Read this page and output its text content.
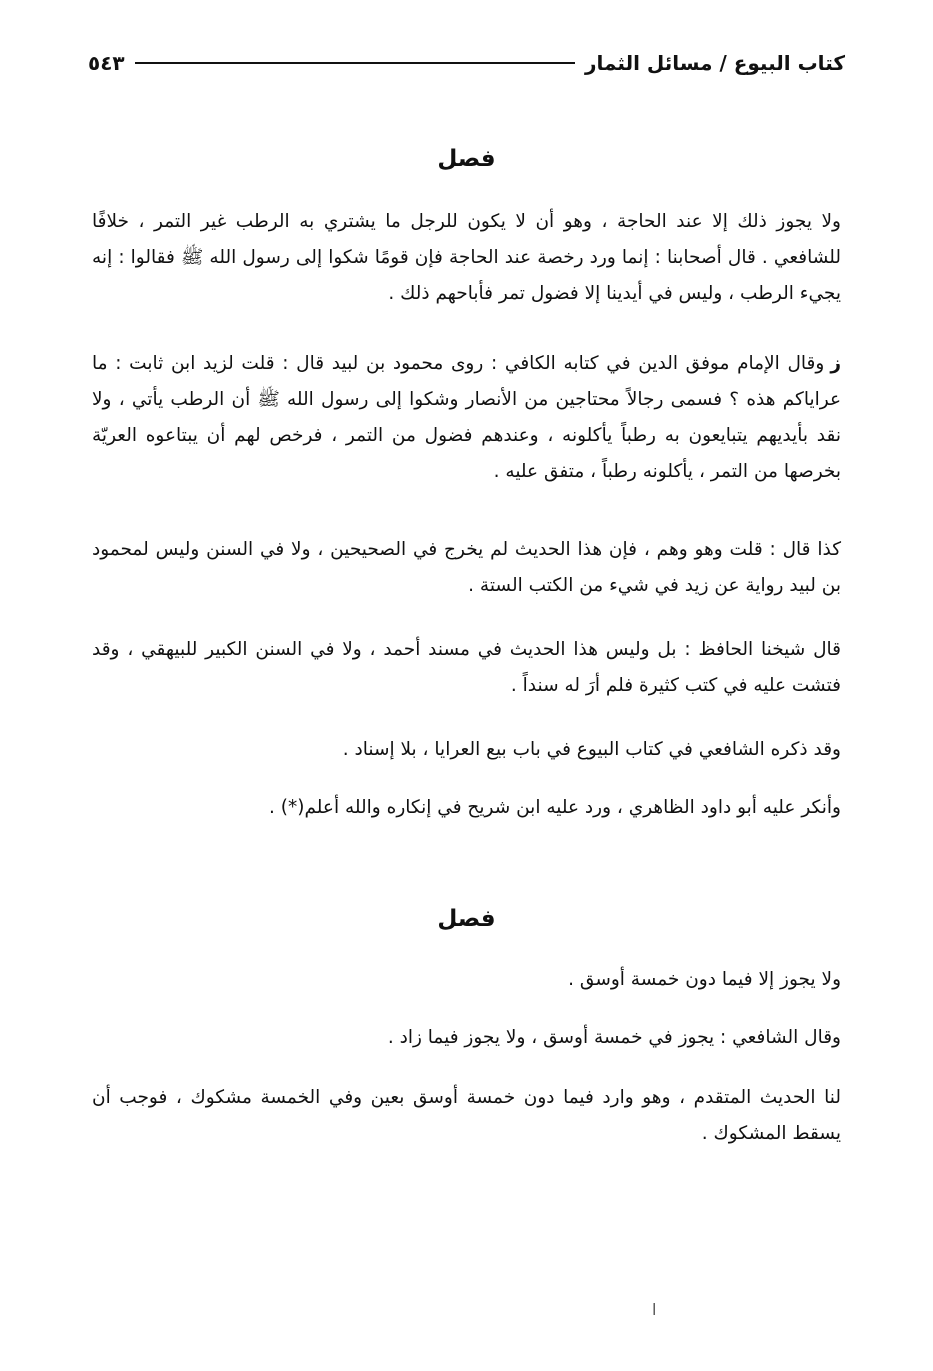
كتاب البيوع / مسائل الثمار
٥٤٣
فصل

ولا يجوز ذلك إلا عند الحاجة ، وهو أن لا يكون للرجل ما يشتري به الرطب غير التمر ، خلافًا للشافعي . قال أصحابنا : إنما ورد رخصة عند الحاجة فإن قومًا شكوا إلى رسول الله ﷺ فقالوا : إنه يجيء الرطب ، وليس في أيدينا إلا فضول تمر فأباحهم ذلك .

زوقال الإمام موفق الدين في كتابه الكافي : روى محمود بن لبيد قال : قلت لزيد ابن ثابت : ما عراياكم هذه ؟ فسمى رجالاً محتاجين من الأنصار وشكوا إلى رسول الله ﷺ أن الرطب يأتي ، ولا نقد بأيديهم يتبايعون به رطباً يأكلونه ، وعندهم فضول من التمر ، فرخص لهم أن يبتاعوه العريّة بخرصها من التمر ، يأكلونه رطباً ، متفق عليه .

كذا قال : قلت وهو وهم ، فإن هذا الحديث لم يخرج في الصحيحين ، ولا في السنن وليس لمحمود بن لبيد رواية عن زيد في شيء من الكتب الستة .

قال شيخنا الحافظ : بل وليس هذا الحديث في مسند أحمد ، ولا في السنن الكبير للبيهقي ، وقد فتشت عليه في كتب كثيرة فلم أرَ له سنداً .

وقد ذكره الشافعي في كتاب البيوع في باب بيع العرايا ، بلا إسناد .

وأنكر عليه أبو داود الظاهري ، ورد عليه ابن شريح في إنكاره والله أعلم(*) .

فصل

ولا يجوز إلا فيما دون خمسة أوسق .

وقال الشافعي : يجوز في خمسة أوسق ، ولا يجوز فيما زاد .

لنا الحديث المتقدم ، وهو وارد فيما دون خمسة أوسق بعين وفي الخمسة مشكوك ، فوجب أن يسقط المشكوك .

ا
